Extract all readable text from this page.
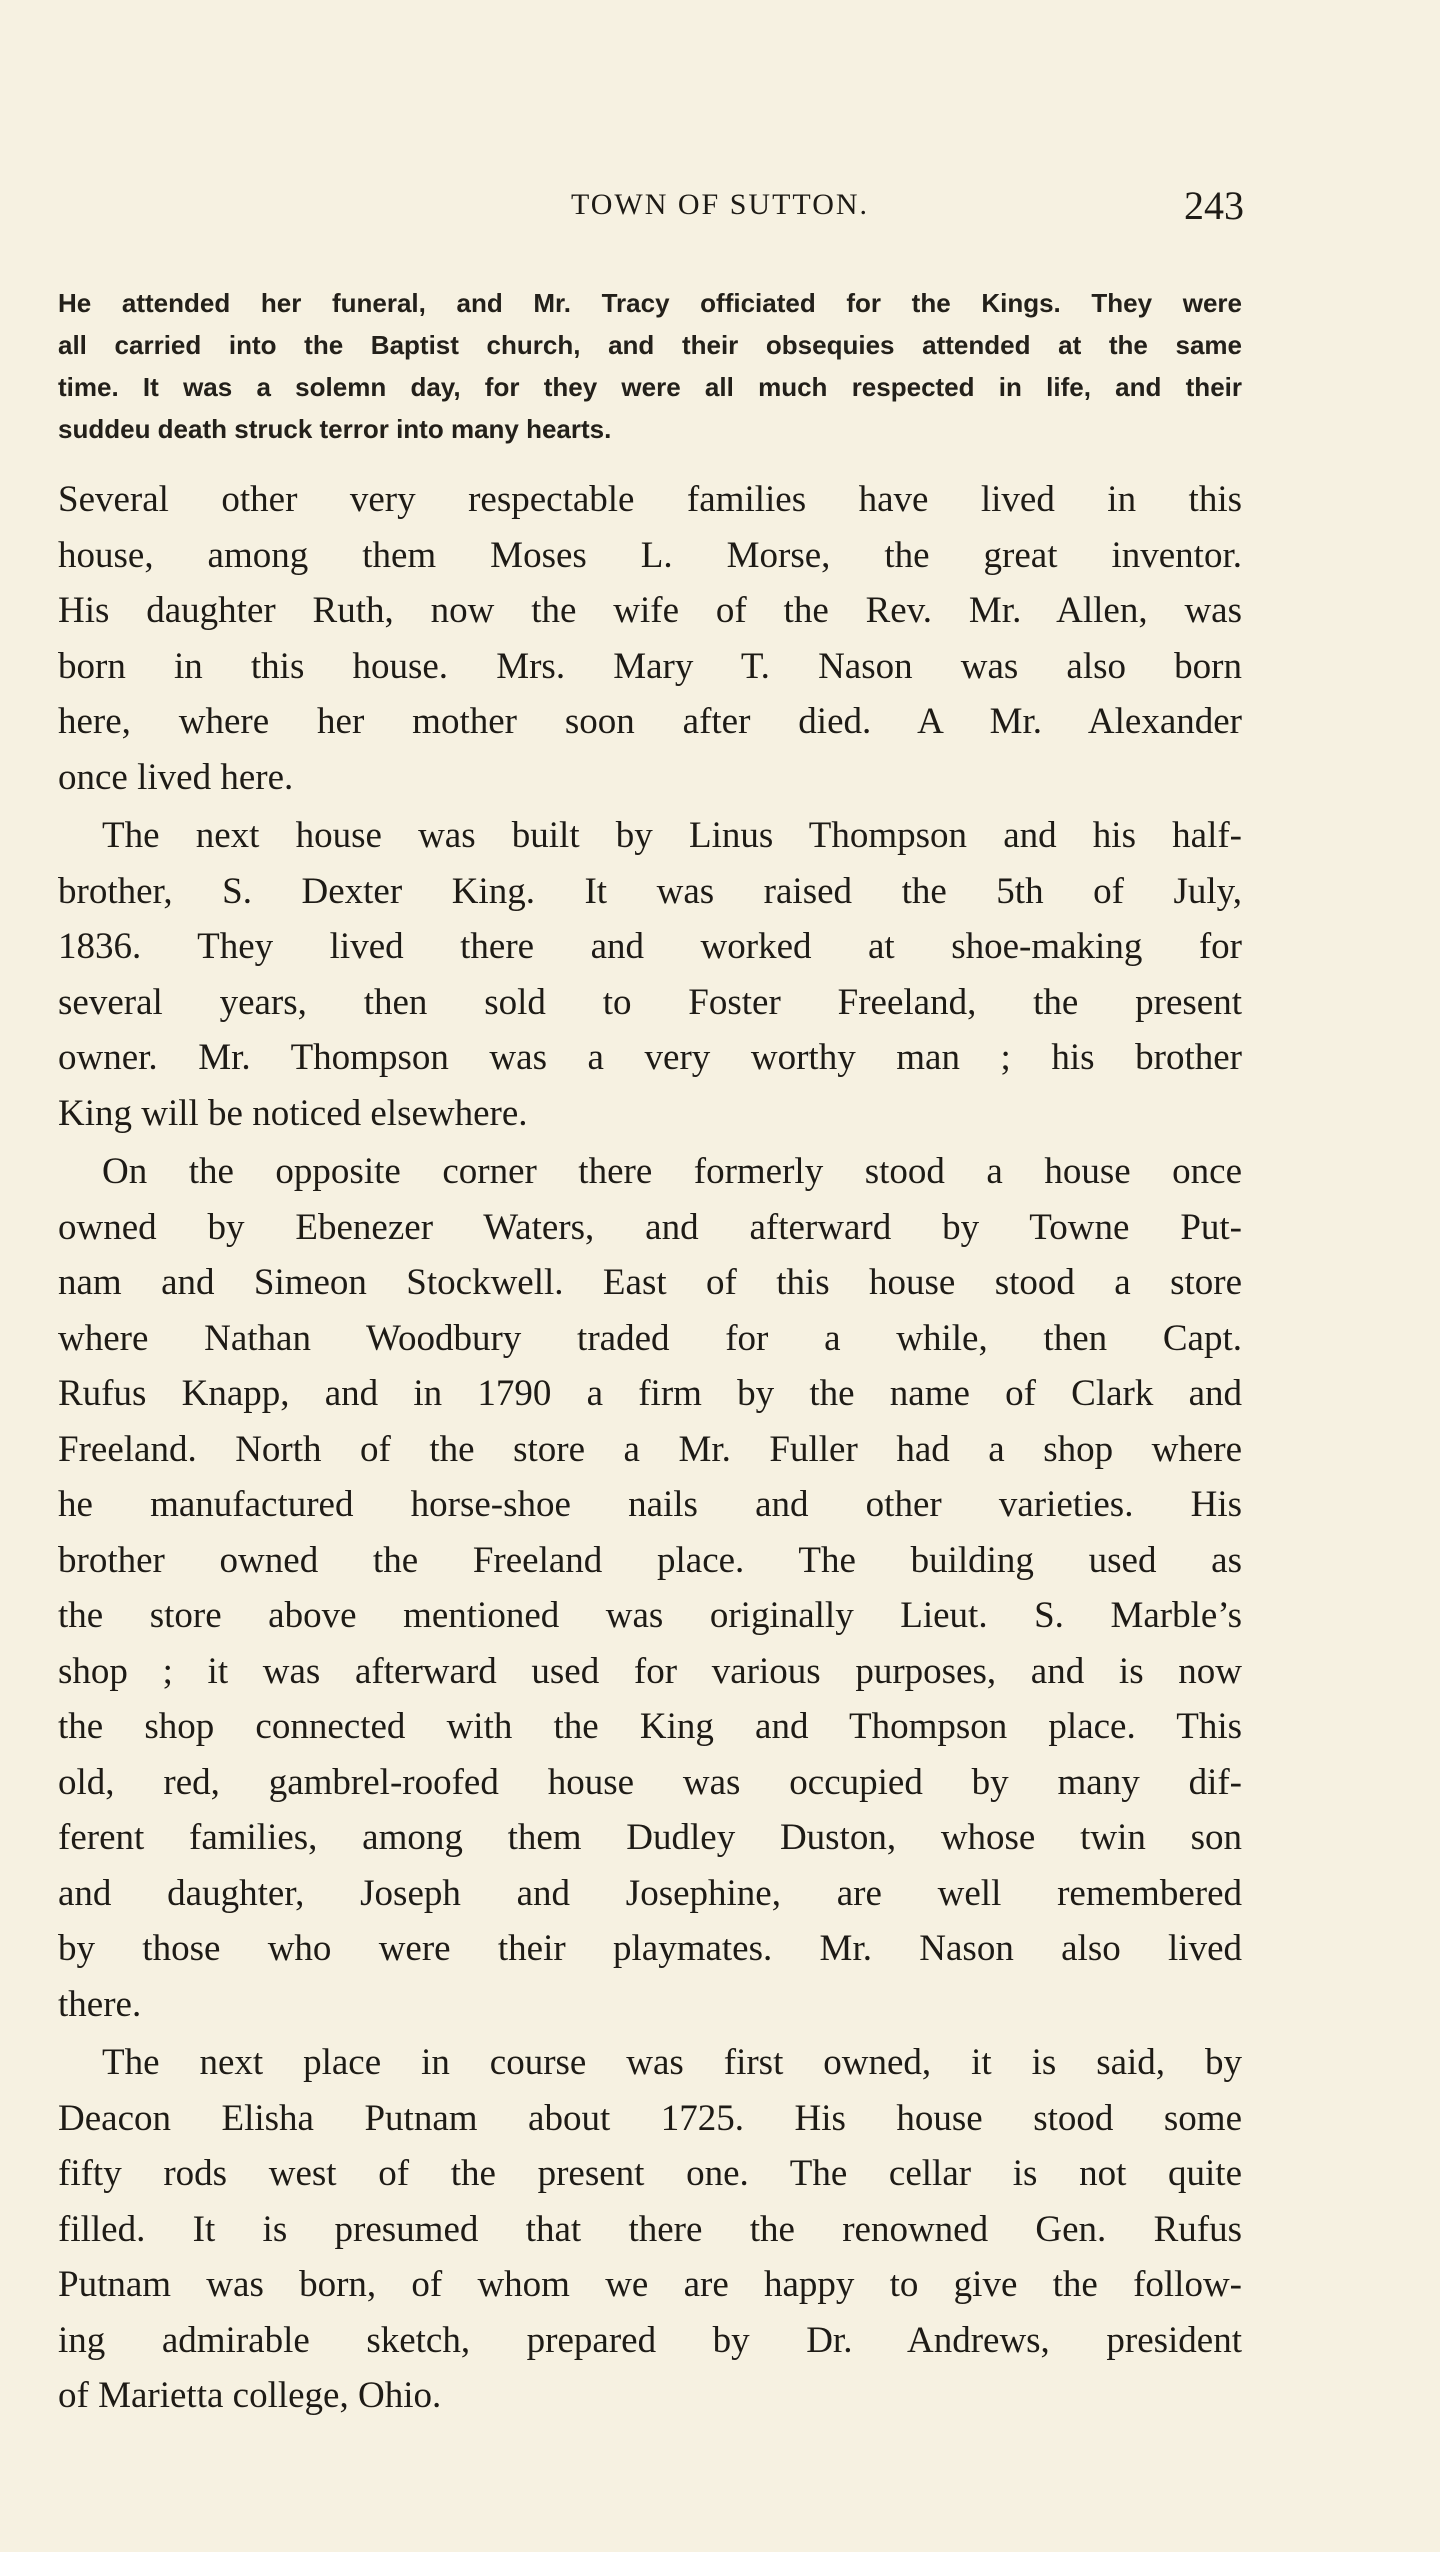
TOWN OF SUTTON.	243
He attended her funeral, and Mr. Tracy officiated for the Kings. They were
all carried into the Baptist church, and their obsequies attended at the same
time. It was a solemn day, for they were all much respected in life, and their
suddeu death struck terror into many hearts.
Several other very respectable families have lived in this
house, among them Moses L. Morse, the great inventor.
His daughter Ruth, now the wife of the Rev. Mr. Allen, was
born in this house. Mrs. Mary T. Nason was also born
here, where her mother soon after died. A Mr. Alexander
once lived here.
The next house was built by Linus Thompson and his half-
brother, S. Dexter King. It was raised the 5th of July,
1836. They lived there and worked at shoe-making for
several years, then sold to Foster Freeland, the present
owner. Mr. Thompson was a very worthy man ; his brother
King will be noticed elsewhere.
On the opposite corner there formerly stood a house once
owned by Ebenezer Waters, and afterward by Towne Put-
nam and Simeon Stockwell. East of this house stood a store
where Nathan Woodbury traded for a while, then Capt.
Rufus Knapp, and in 1790 a firm by the name of Clark and
Freeland. North of the store a Mr. Fuller had a shop where
he manufactured horse-shoe nails and other varieties. His
brother owned the Freeland place. The building used as
the store above mentioned was originally Lieut. S. Marble’s
shop ; it was afterward used for various purposes, and is now
the shop connected with the King and Thompson place. This
old, red, gambrel-roofed house was occupied by many dif-
ferent families, among them Dudley Duston, whose twin son
and daughter, Joseph and Josephine, are well remembered
by those who were their playmates. Mr. Nason also lived
there.
The next place in course was first owned, it is said, by
Deacon Elisha Putnam about 1725. His house stood some
fifty rods west of the present one. The cellar is not quite
filled. It is presumed that there the renowned Gen. Rufus
Putnam was born, of whom we are happy to give the follow-
ing admirable sketch, prepared by Dr. Andrews, president
of Marietta college, Ohio.
